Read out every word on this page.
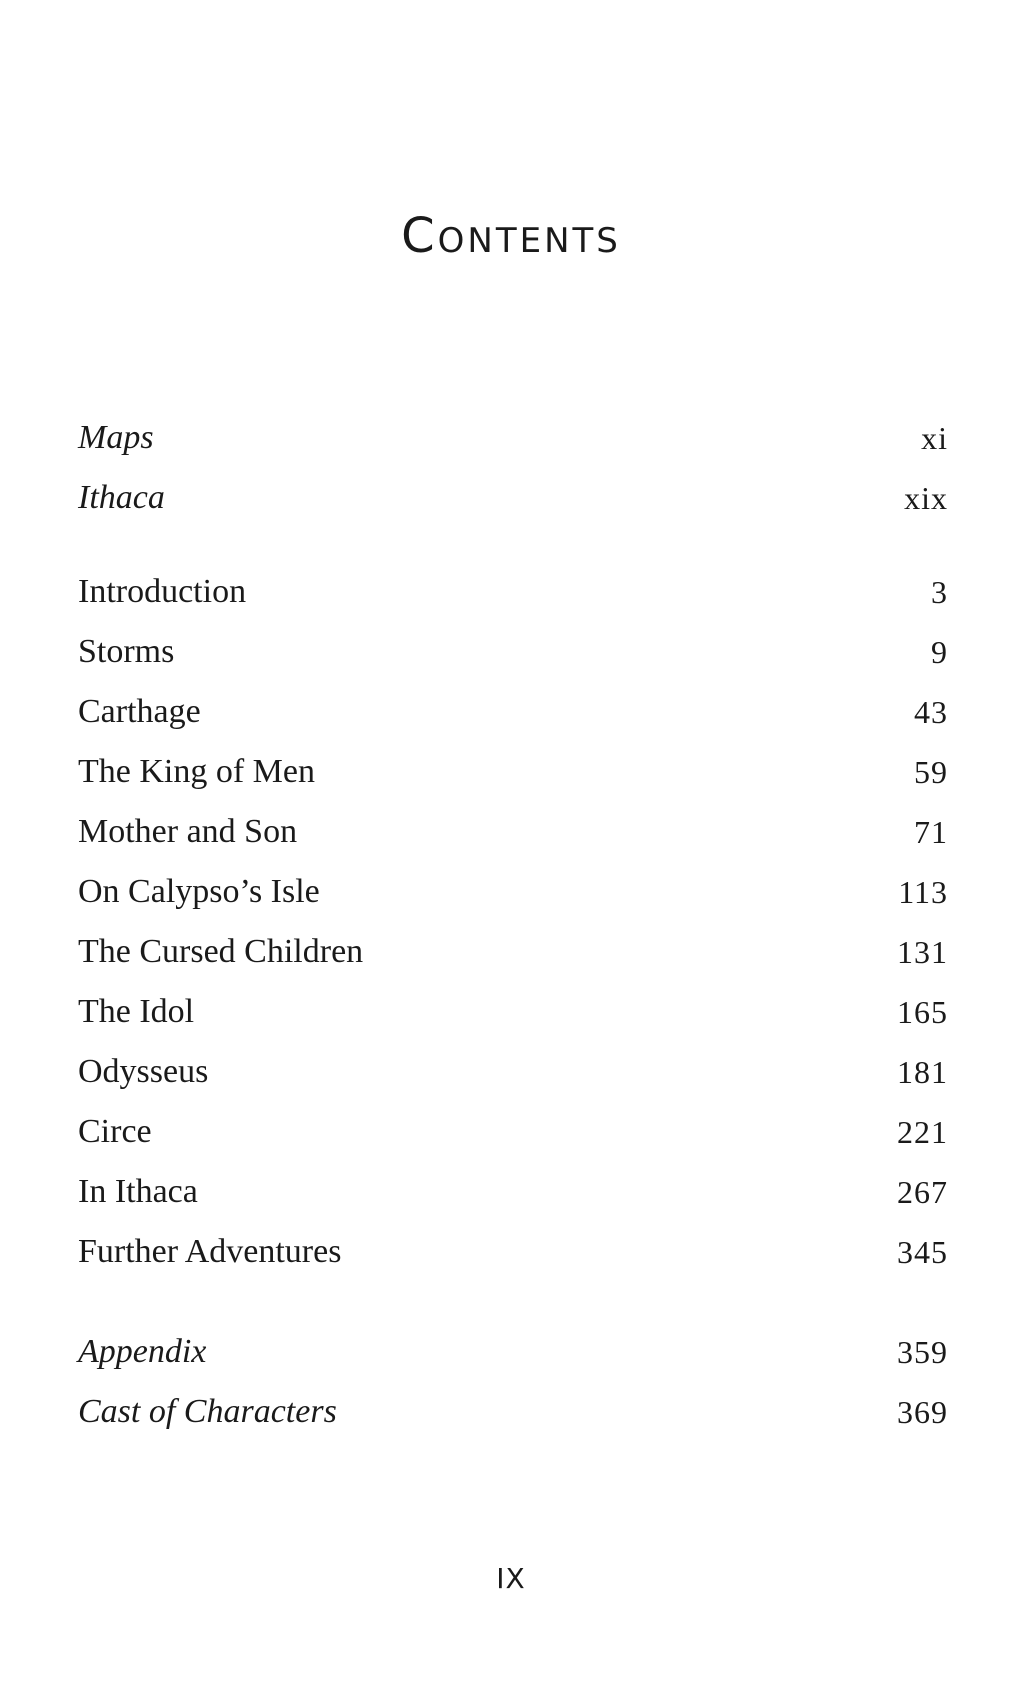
Contents
Maps	xi
Ithaca	xix
Introduction	3
Storms	9
Carthage	43
The King of Men	59
Mother and Son	71
On Calypso’s Isle	113
The Cursed Children	131
The Idol	165
Odysseus	181
Circe	221
In Ithaca	267
Further Adventures	345
Appendix	359
Cast of Characters	369
IX
